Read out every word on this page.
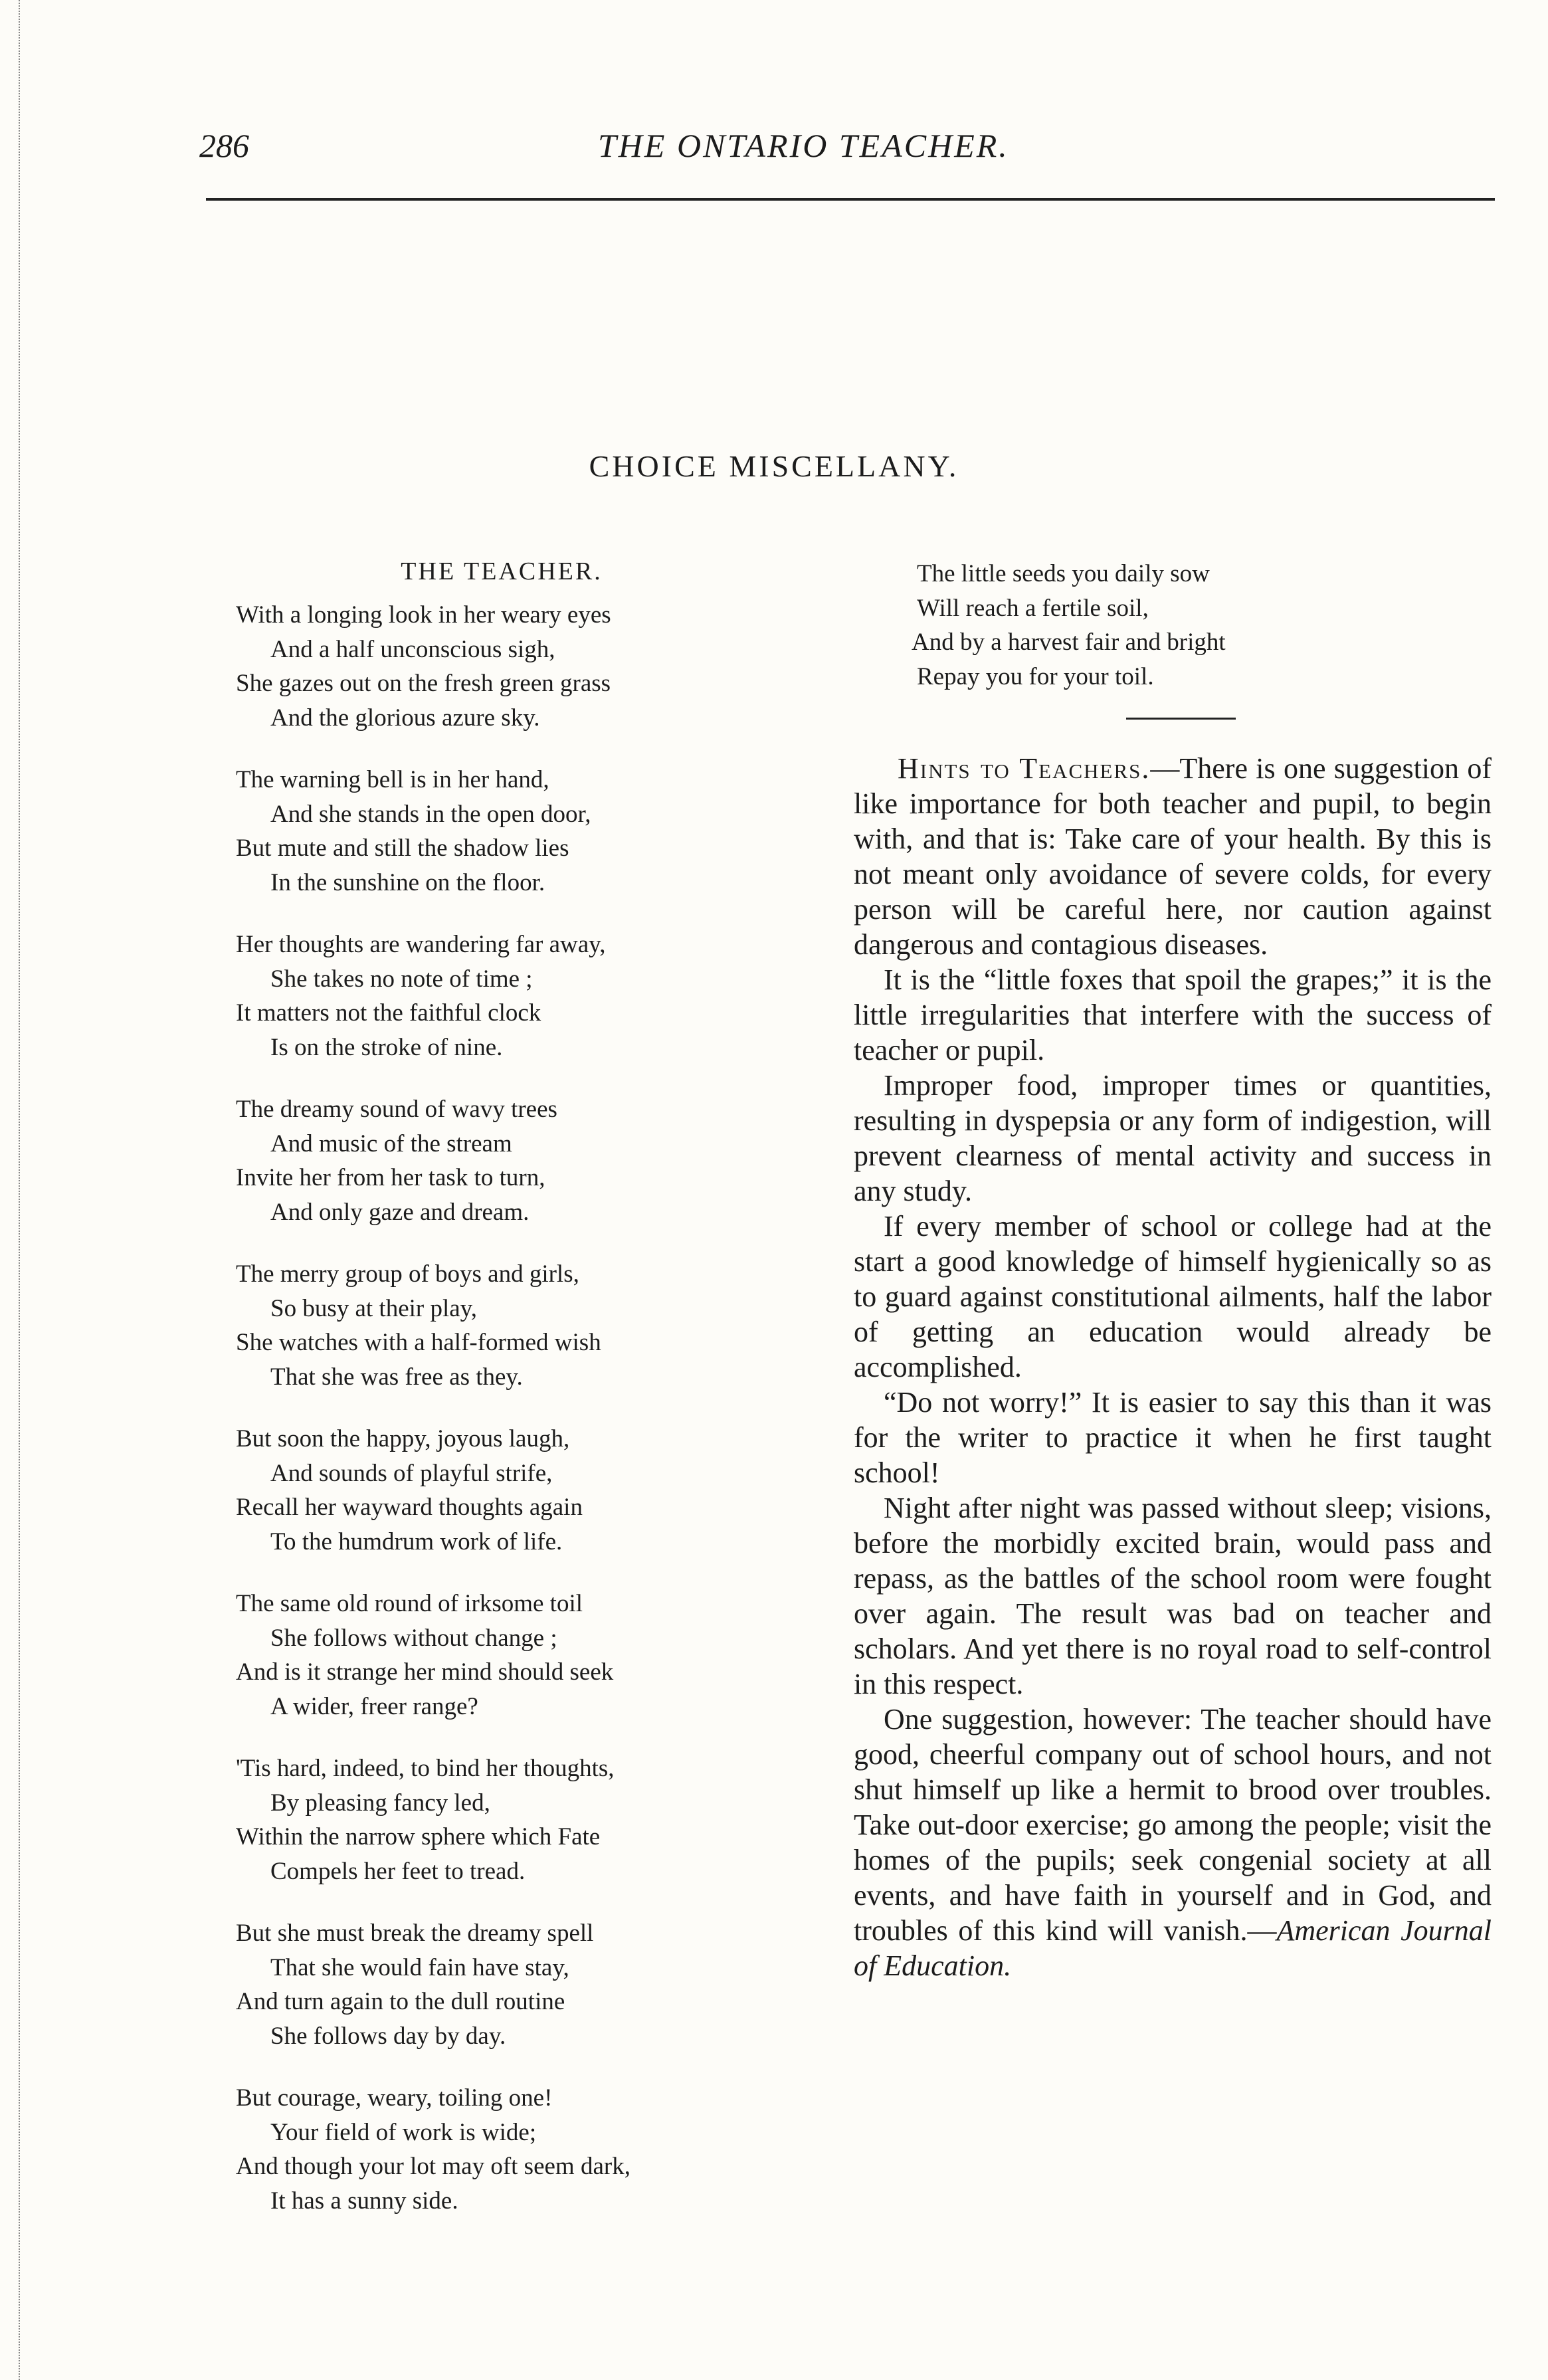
286	THE ONTARIO TEACHER.
CHOICE MISCELLANY.
THE TEACHER.
With a longing look in her weary eyes
And a half unconscious sigh,
She gazes out on the fresh green grass
And the glorious azure sky.
The warning bell is in her hand,
And she stands in the open door,
But mute and still the shadow lies
In the sunshine on the floor.
Her thoughts are wandering far away,
She takes no note of time ;
It matters not the faithful clock
Is on the stroke of nine.
The dreamy sound of wavy trees
And music of the stream
Invite her from her task to turn,
And only gaze and dream.
The merry group of boys and girls,
So busy at their play,
She watches with a half-formed wish
That she was free as they.
But soon the happy, joyous laugh,
And sounds of playful strife,
Recall her wayward thoughts again
To the humdrum work of life.
The same old round of irksome toil
She follows without change ;
And is it strange her mind should seek
A wider, freer range?
'Tis hard, indeed, to bind her thoughts,
By pleasing fancy led,
Within the narrow sphere which Fate
Compels her feet to tread.
But she must break the dreamy spell
That she would fain have stay,
And turn again to the dull routine
She follows day by day.
But courage, weary, toiling one!
Your field of work is wide;
And though your lot may oft seem dark,
It has a sunny side.
The little seeds you daily sow
Will reach a fertile soil,
And by a harvest fair and bright
Repay you for your toil.

Hints to Teachers.—There is one suggestion of like importance for both teacher and pupil, to begin with, and that is: Take care of your health. By this is not meant only avoidance of severe colds, for every person will be careful here, nor caution against dangerous and contagious diseases.

It is the “little foxes that spoil the grapes;” it is the little irregularities that interfere with the success of teacher or pupil.

Improper food, improper times or quantities, resulting in dyspepsia or any form of indigestion, will prevent clearness of mental activity and success in any study.

If every member of school or college had at the start a good knowledge of himself hygienically so as to guard against constitutional ailments, half the labor of getting an education would already be accomplished.

“Do not worry!” It is easier to say this than it was for the writer to practice it when he first taught school!

Night after night was passed without sleep; visions, before the morbidly excited brain, would pass and repass, as the battles of the school room were fought over again. The result was bad on teacher and scholars. And yet there is no royal road to self-control in this respect.

One suggestion, however: The teacher should have good, cheerful company out of school hours, and not shut himself up like a hermit to brood over troubles. Take out-door exercise; go among the people; visit the homes of the pupils; seek congenial society at all events, and have faith in yourself and in God, and troubles of this kind will vanish.—American Journal of Education.
